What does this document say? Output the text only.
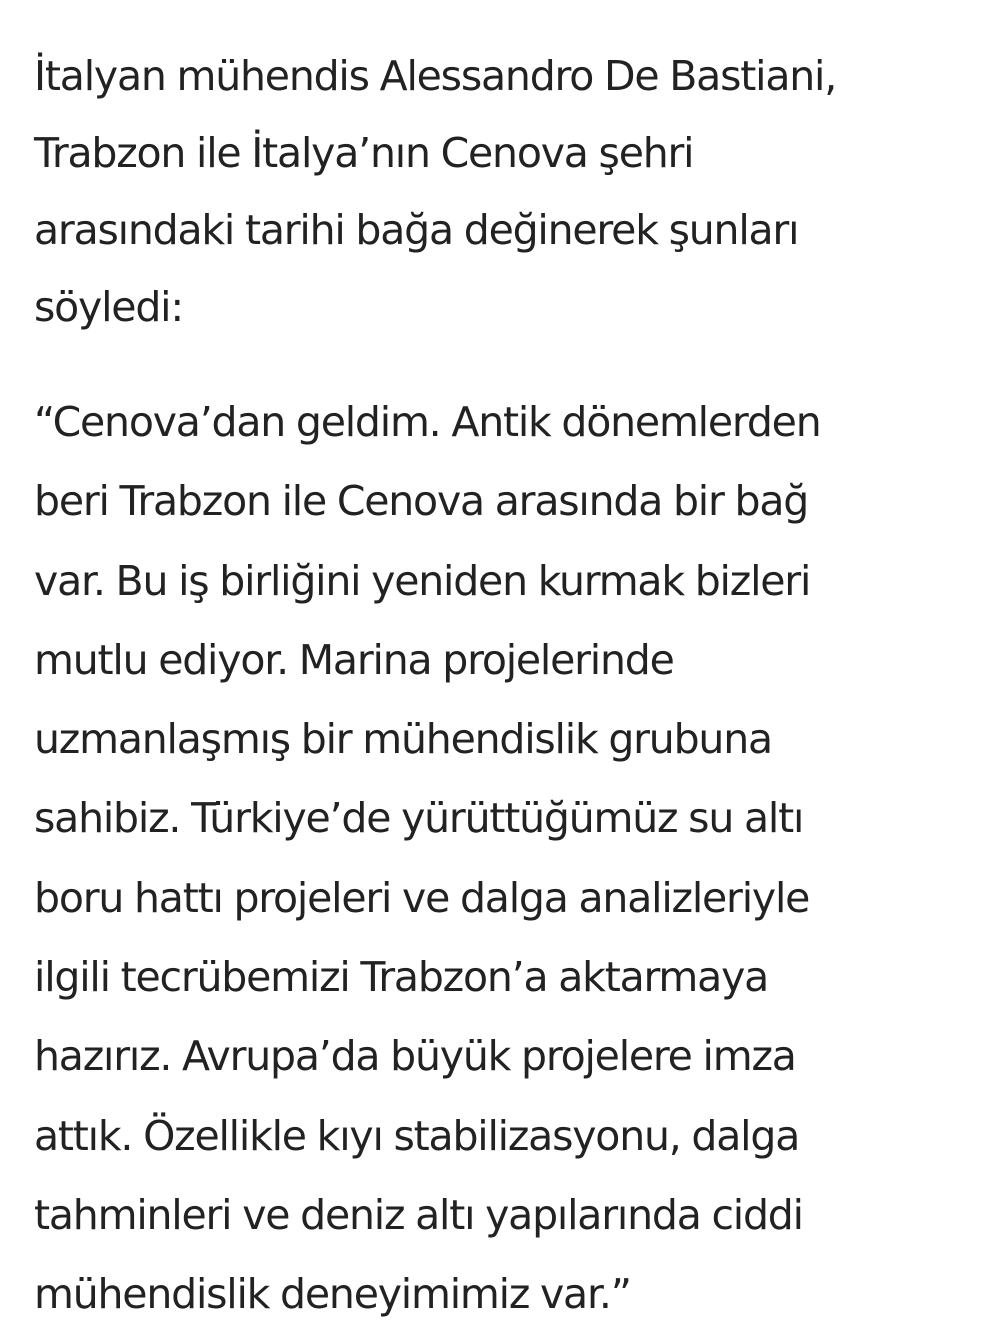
İtalyan mühendis Alessandro De Bastiani,
Trabzon ile İtalya’nın Cenova şehri
arasındaki tarihi bağa değinerek şunları
söyledi:

“Cenova’dan geldim. Antik dönemlerden
beri Trabzon ile Cenova arasında bir bağ
var. Bu iş birliğini yeniden kurmak bizleri
mutlu ediyor. Marina projelerinde
uzmanlaşmış bir mühendislik grubuna
sahibiz. Türkiye’de yürüttüğümüz su altı
boru hattı projeleri ve dalga analizleriyle
ilgili tecrübemizi Trabzon’a aktarmaya
hazırız. Avrupa’da büyük projelere imza
attık. Özellikle kıyı stabilizasyonu, dalga
tahminleri ve deniz altı yapılarında ciddi
mühendislik deneyimimiz var.”
